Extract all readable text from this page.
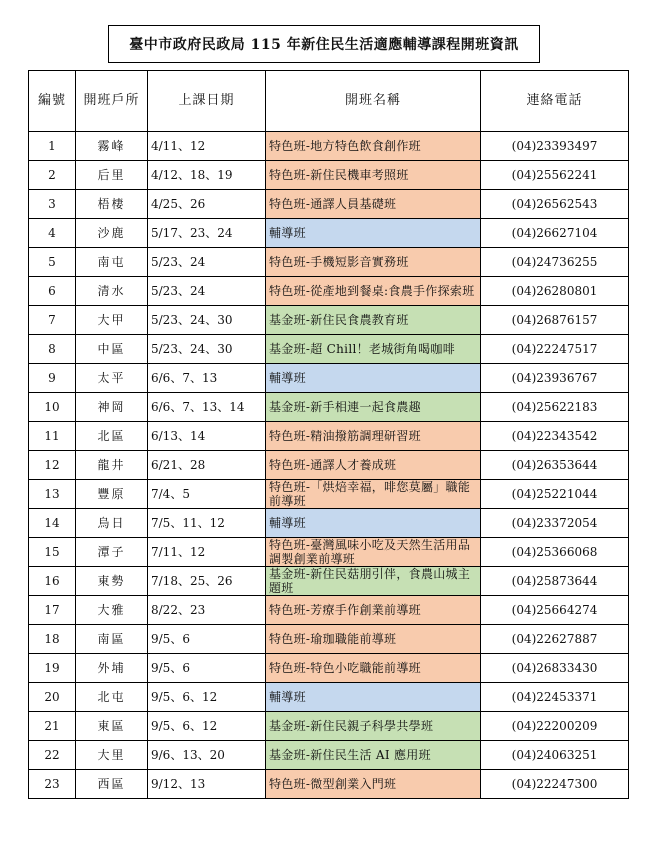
臺中市政府民政局 115 年新住民生活適應輔導課程開班資訊
編號	開班戶所	上課日期	開班名稱	連絡電話
1	霧峰	4/11、12	特色班-地方特色飲食創作班	(04)23393497
2	后里	4/12、18、19	特色班-新住民機車考照班	(04)25562241
3	梧棲	4/25、26	特色班-通譯人員基礎班	(04)26562543
4	沙鹿	5/17、23、24	輔導班	(04)26627104
5	南屯	5/23、24	特色班-手機短影音實務班	(04)24736255
6	清水	5/23、24	特色班-從產地到餐桌:食農手作探索班	(04)26280801
7	大甲	5/23、24、30	基金班-新住民食農教育班	(04)26876157
8	中區	5/23、24、30	基金班-超 Chill！老城街角喝咖啡	(04)22247517
9	太平	6/6、7、13	輔導班	(04)23936767
10	神岡	6/6、7、13、14	基金班-新手相連一起食農趣	(04)25622183
11	北區	6/13、14	特色班-精油撥筋調理研習班	(04)22343542
12	龍井	6/21、28	特色班-通譯人才養成班	(04)26353644
13	豐原	7/4、5	特色班-「烘焙幸福，啡您莫屬」職能前導班	(04)25221044
14	烏日	7/5、11、12	輔導班	(04)23372054
15	潭子	7/11、12	特色班-臺灣風味小吃及天然生活用品調製創業前導班	(04)25366068
16	東勢	7/18、25、26	基金班-新住民菇朋引伴，食農山城主題班	(04)25873644
17	大雅	8/22、23	特色班-芳療手作創業前導班	(04)25664274
18	南區	9/5、6	特色班-瑜珈職能前導班	(04)22627887
19	外埔	9/5、6	特色班-特色小吃職能前導班	(04)26833430
20	北屯	9/5、6、12	輔導班	(04)22453371
21	東區	9/5、6、12	基金班-新住民親子科學共學班	(04)22200209
22	大里	9/6、13、20	基金班-新住民生活 AI 應用班	(04)24063251
23	西區	9/12、13	特色班-微型創業入門班	(04)22247300
